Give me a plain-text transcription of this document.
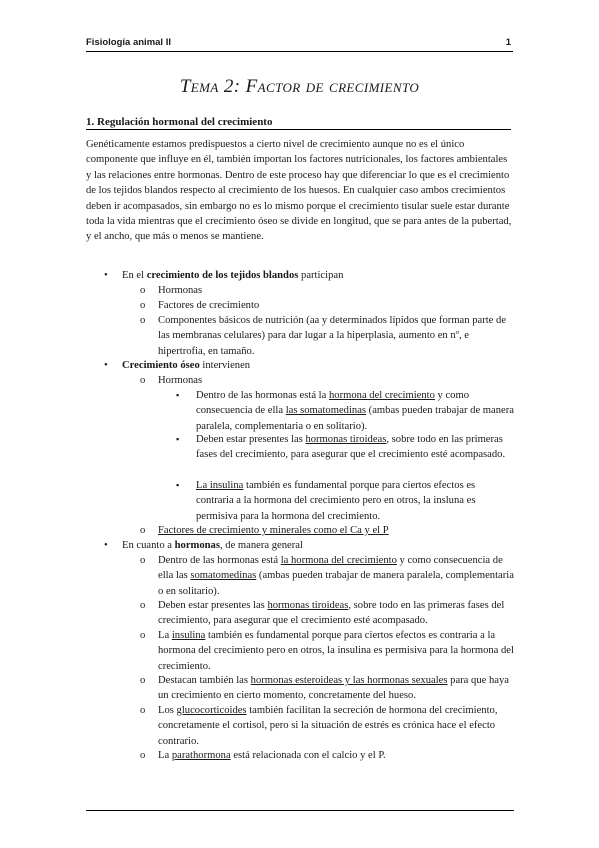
Fisiología animal II	1
Tema 2: Factor de crecimiento
1. Regulación hormonal del crecimiento
Genéticamente estamos predispuestos a cierto nivel de crecimiento aunque no es el único componente que influye en él, también importan los factores nutricionales, los factores ambientales y las relaciones entre hormonas. Dentro de este proceso hay que diferenciar lo que es el crecimiento de los tejidos blandos respecto al crecimiento de los huesos. En cualquier caso ambos crecimientos deben ir acompasados, sin embargo no es lo mismo porque el crecimiento tisular suele estar durante toda la vida mientras que el crecimiento óseo se divide en longitud, que se para antes de la pubertad, y el ancho, que más o menos se mantiene.
• En el crecimiento de los tejidos blandos participan
o Hormonas
o Factores de crecimiento
o Componentes básicos de nutrición (aa y determinados lípidos que forman parte de las membranas celulares) para dar lugar a la hiperplasia, aumento en nº, e hipertrofia, en tamaño.
• Crecimiento óseo intervienen
o Hormonas
▪ Dentro de las hormonas está la hormona del crecimiento y como consecuencia de ella las somatomedinas (ambas pueden trabajar de manera paralela, complementaria o en solitario).
▪ Deben estar presentes las hormonas tiroideas, sobre todo en las primeras fases del crecimiento, para asegurar que el crecimiento esté acompasado.
▪ La insulina también es fundamental porque para ciertos efectos es contraria a la hormona del crecimiento pero en otros, la insluna es permisiva para la hormona del crecimiento.
o Factores de crecimiento y minerales como el Ca y el P
• En cuanto a hormonas, de manera general
o Dentro de las hormonas está la hormona del crecimiento y como consecuencia de ella las somatomedinas (ambas pueden trabajar de manera paralela, complementaria o en solitario).
o Deben estar presentes las hormonas tiroideas, sobre todo en las primeras fases del crecimiento, para asegurar que el crecimiento esté acompasado.
o La insulina también es fundamental porque para ciertos efectos es contraria a la hormona del crecimiento pero en otros, la insulina es permisiva para la hormona del crecimiento.
o Destacan también las hormonas esteroideas y las hormonas sexuales para que haya un crecimiento en cierto momento, concretamente del hueso.
o Los glucocorticoides también facilitan la secreción de hormona del crecimiento, concretamente el cortisol, pero si la situación de estrés es crónica hace el efecto contrario.
o La parathormona está relacionada con el calcio y el P.
